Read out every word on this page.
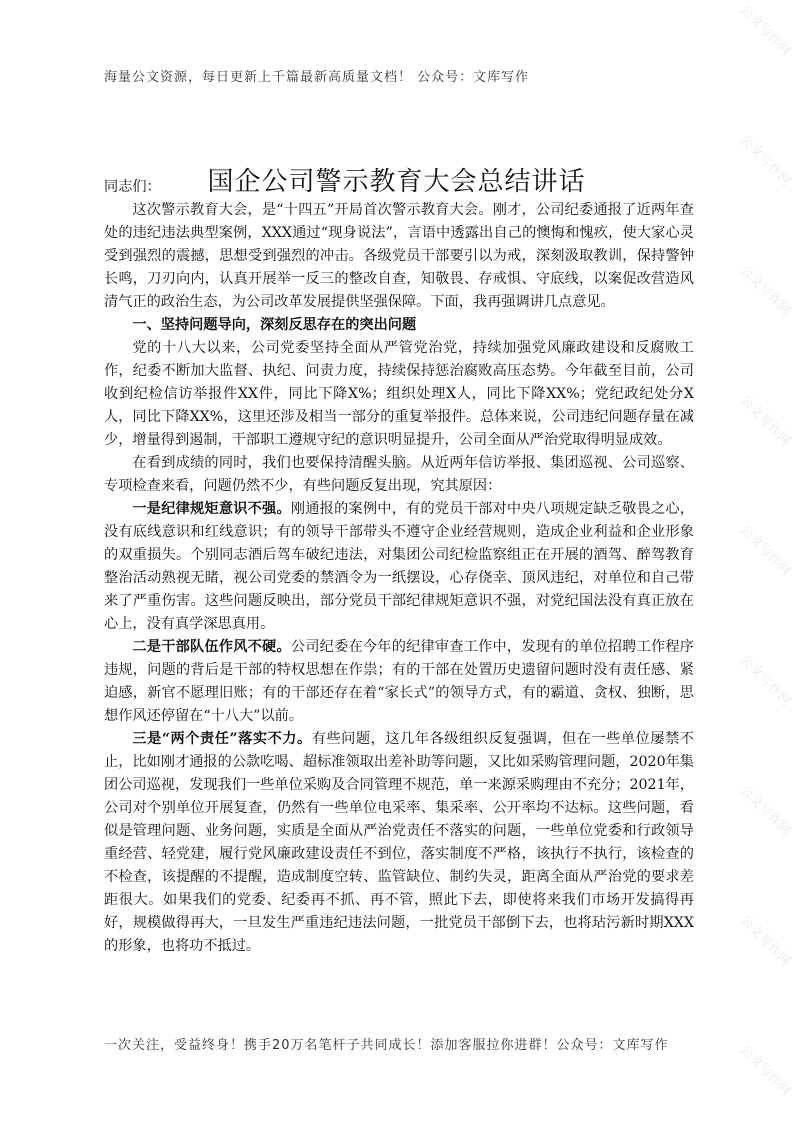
公文写作网
公文写作网
公文写作网
公文写作网
公文写作网
公文写作网
公文写作网
公文写作网
公文写作网
海量公文资源，每日更新上千篇最新高质量文档！ 公众号：文库写作
国企公司警示教育大会总结讲话

同志们：

这次警示教育大会，是“十四五”开局首次警示教育大会。刚才，公司纪委通报了近两年查处的违纪违法典型案例，XXX通过“现身说法”，言语中透露出自己的懊悔和愧疚，使大家心灵受到强烈的震撼，思想受到强烈的冲击。各级党员干部要引以为戒，深刻汲取教训，保持警钟长鸣，刀刃向内，认真开展举一反三的整改自查，知敬畏、存戒惧、守底线，以案促改营造风清气正的政治生态，为公司改革发展提供坚强保障。下面，我再强调讲几点意见。

一、坚持问题导向，深刻反思存在的突出问题

党的十八大以来，公司党委坚持全面从严管党治党，持续加强党风廉政建设和反腐败工作，纪委不断加大监督、执纪、问责力度，持续保持惩治腐败高压态势。今年截至目前，公司收到纪检信访举报件XX件，同比下降X%；组织处理X人，同比下降XX%；党纪政纪处分X人，同比下降XX%，这里还涉及相当一部分的重复举报件。总体来说，公司违纪问题存量在减少，增量得到遏制，干部职工遵规守纪的意识明显提升，公司全面从严治党取得明显成效。

在看到成绩的同时，我们也要保持清醒头脑。从近两年信访举报、集团巡视、公司巡察、专项检查来看，问题仍然不少，有些问题反复出现，究其原因：

一是纪律规矩意识不强。刚通报的案例中，有的党员干部对中央八项规定缺乏敬畏之心，没有底线意识和红线意识；有的领导干部带头不遵守企业经营规则，造成企业利益和企业形象的双重损失。个别同志酒后驾车破纪违法，对集团公司纪检监察组正在开展的酒驾、醉驾教育整治活动熟视无睹，视公司党委的禁酒令为一纸摆设，心存侥幸、顶风违纪，对单位和自己带来了严重伤害。这些问题反映出，部分党员干部纪律规矩意识不强，对党纪国法没有真正放在心上，没有真学深思真用。

二是干部队伍作风不硬。公司纪委在今年的纪律审查工作中，发现有的单位招聘工作程序违规，问题的背后是干部的特权思想在作祟；有的干部在处置历史遗留问题时没有责任感、紧迫感，新官不愿理旧账；有的干部还存在着“家长式”的领导方式，有的霸道、贪权、独断，思想作风还停留在“十八大”以前。

三是“两个责任”落实不力。有些问题，这几年各级组织反复强调，但在一些单位屡禁不止，比如刚才通报的公款吃喝、超标准领取出差补助等问题，又比如采购管理问题，2020年集团公司巡视，发现我们一些单位采购及合同管理不规范，单一来源采购理由不充分；2021年，公司对个别单位开展复查，仍然有一些单位电采率、集采率、公开率均不达标。这些问题，看似是管理问题、业务问题，实质是全面从严治党责任不落实的问题，一些单位党委和行政领导重经营、轻党建，履行党风廉政建设责任不到位，落实制度不严格，该执行不执行，该检查的不检查，该提醒的不提醒，造成制度空转、监管缺位、制约失灵，距离全面从严治党的要求差距很大。如果我们的党委、纪委再不抓、再不管，照此下去，即使将来我们市场开发搞得再好，规模做得再大，一旦发生严重违纪违法问题，一批党员干部倒下去，也将玷污新时期XXX的形象，也将功不抵过。

一次关注，受益终身！携手20万名笔杆子共同成长！添加客服拉你进群！公众号：文库写作
